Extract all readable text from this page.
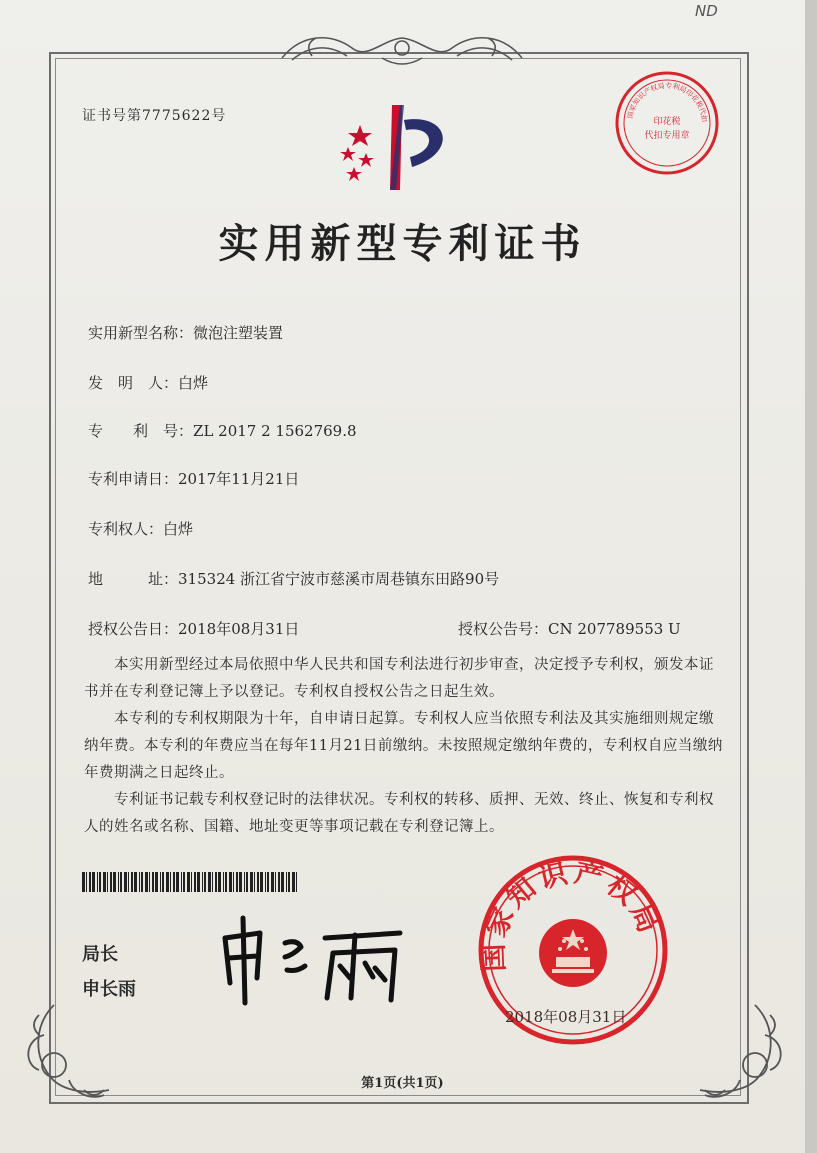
ND
证书号第7775622号	国家知识产权局专利局印花税代扣
印花税
代扣专用章
实用新型专利证书
实用新型名称：微泡注塑装置
发　明　人：白烨
专　　利　号：ZL 2017 2 1562769.8
专利申请日：2017年11月21日
专利权人：白烨
地　　　址：315324 浙江省宁波市慈溪市周巷镇东田路90号
授权公告日：2018年08月31日	授权公告号：CN 207789553 U

本实用新型经过本局依照中华人民共和国专利法进行初步审查，决定授予专利权，颁发本证书并在专利登记簿上予以登记。专利权自授权公告之日起生效。

本专利的专利权期限为十年，自申请日起算。专利权人应当依照专利法及其实施细则规定缴纳年费。本专利的年费应当在每年11月21日前缴纳。未按照规定缴纳年费的，专利权自应当缴纳年费期满之日起终止。

专利证书记载专利权登记时的法律状况。专利权的转移、质押、无效、终止、恢复和专利权人的姓名或名称、国籍、地址变更等事项记载在专利登记簿上。

局长
申长雨
国家知识产权局
2018年08月31日
第1页(共1页)
